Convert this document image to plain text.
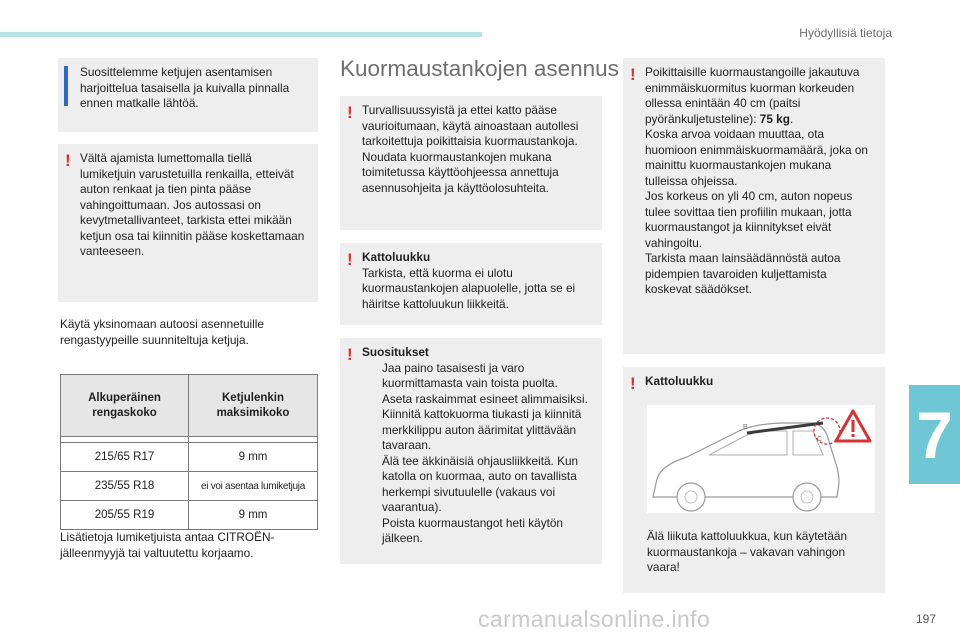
Hyödyllisiä tietoja
7
197
carmanualsonline.info
Suosittelemme ketjujen asentamisen harjoittelua tasaisella ja kuivalla pinnalla ennen matkalle lähtöä.
! Vältä ajamista lumettomalla tiellä lumiketjuin varustetuilla renkailla, etteivät auton renkaat ja tien pinta pääse vahingoittumaan. Jos autossasi on kevytmetallivanteet, tarkista ettei mikään ketjun osa tai kiinnitin pääse koskettamaan vanteeseen.
Käytä yksinomaan autoosi asennetuille rengastyypeille suunniteltuja ketjuja.
Alkuperäinen rengaskoko	Ketjulenkin maksimikoko

215/65 R17	9 mm
235/55 R18	ei voi asentaa lumiketjuja
205/55 R19	9 mm
Lisätietoja lumiketjuista antaa CITROËN-jälleenmyyjä tai valtuutettu korjaamo.
Kuormaustankojen asennus
! Turvallisuussyistä ja ettei katto pääse vaurioitumaan, käytä ainoastaan autollesi tarkoitettuja poikittaisia kuormaustankoja. Noudata kuormaustankojen mukana toimitetussa käyttöohjeessa annettuja asennusohjeita ja käyttöolosuhteita.
! Kattoluukku
Tarkista, että kuorma ei ulotu kuormaustankojen alapuolelle, jotta se ei häiritse kattoluukun liikkeitä.
! Suositukset
Jaa paino tasaisesti ja varo kuormittamasta vain toista puolta.
Aseta raskaimmat esineet alimmaisiksi.
Kiinnitä kattokuorma tiukasti ja kiinnitä merkkilippu auton äärimitat ylittävään tavaraan.
Älä tee äkkinäisiä ohjausliikkeitä. Kun katolla on kuormaa, auto on tavallista herkempi sivutuulelle (vakaus voi vaarantua).
Poista kuormaustangot heti käytön jälkeen.
! Poikittaisille kuormaustangoille jakautuva enimmäiskuormitus kuorman korkeuden ollessa enintään 40 cm (paitsi pyöränkuljetusteline): 75 kg.
Koska arvoa voidaan muuttaa, ota huomioon enimmäiskuormamäärä, joka on mainittu kuormaustankojen mukana tulleissa ohjeissa.
Jos korkeus on yli 40 cm, auton nopeus tulee sovittaa tien profiilin mukaan, jotta kuormaustangot ja kiinnitykset eivät vahingoitu.
Tarkista maan lainsäädännöstä autoa pidempien tavaroiden kuljettamista koskevat säädökset.
! Kattoluukku
Älä liikuta kattoluukkua, kun käytetään kuormaustankoja – vakavan vahingon vaara!
B
C
